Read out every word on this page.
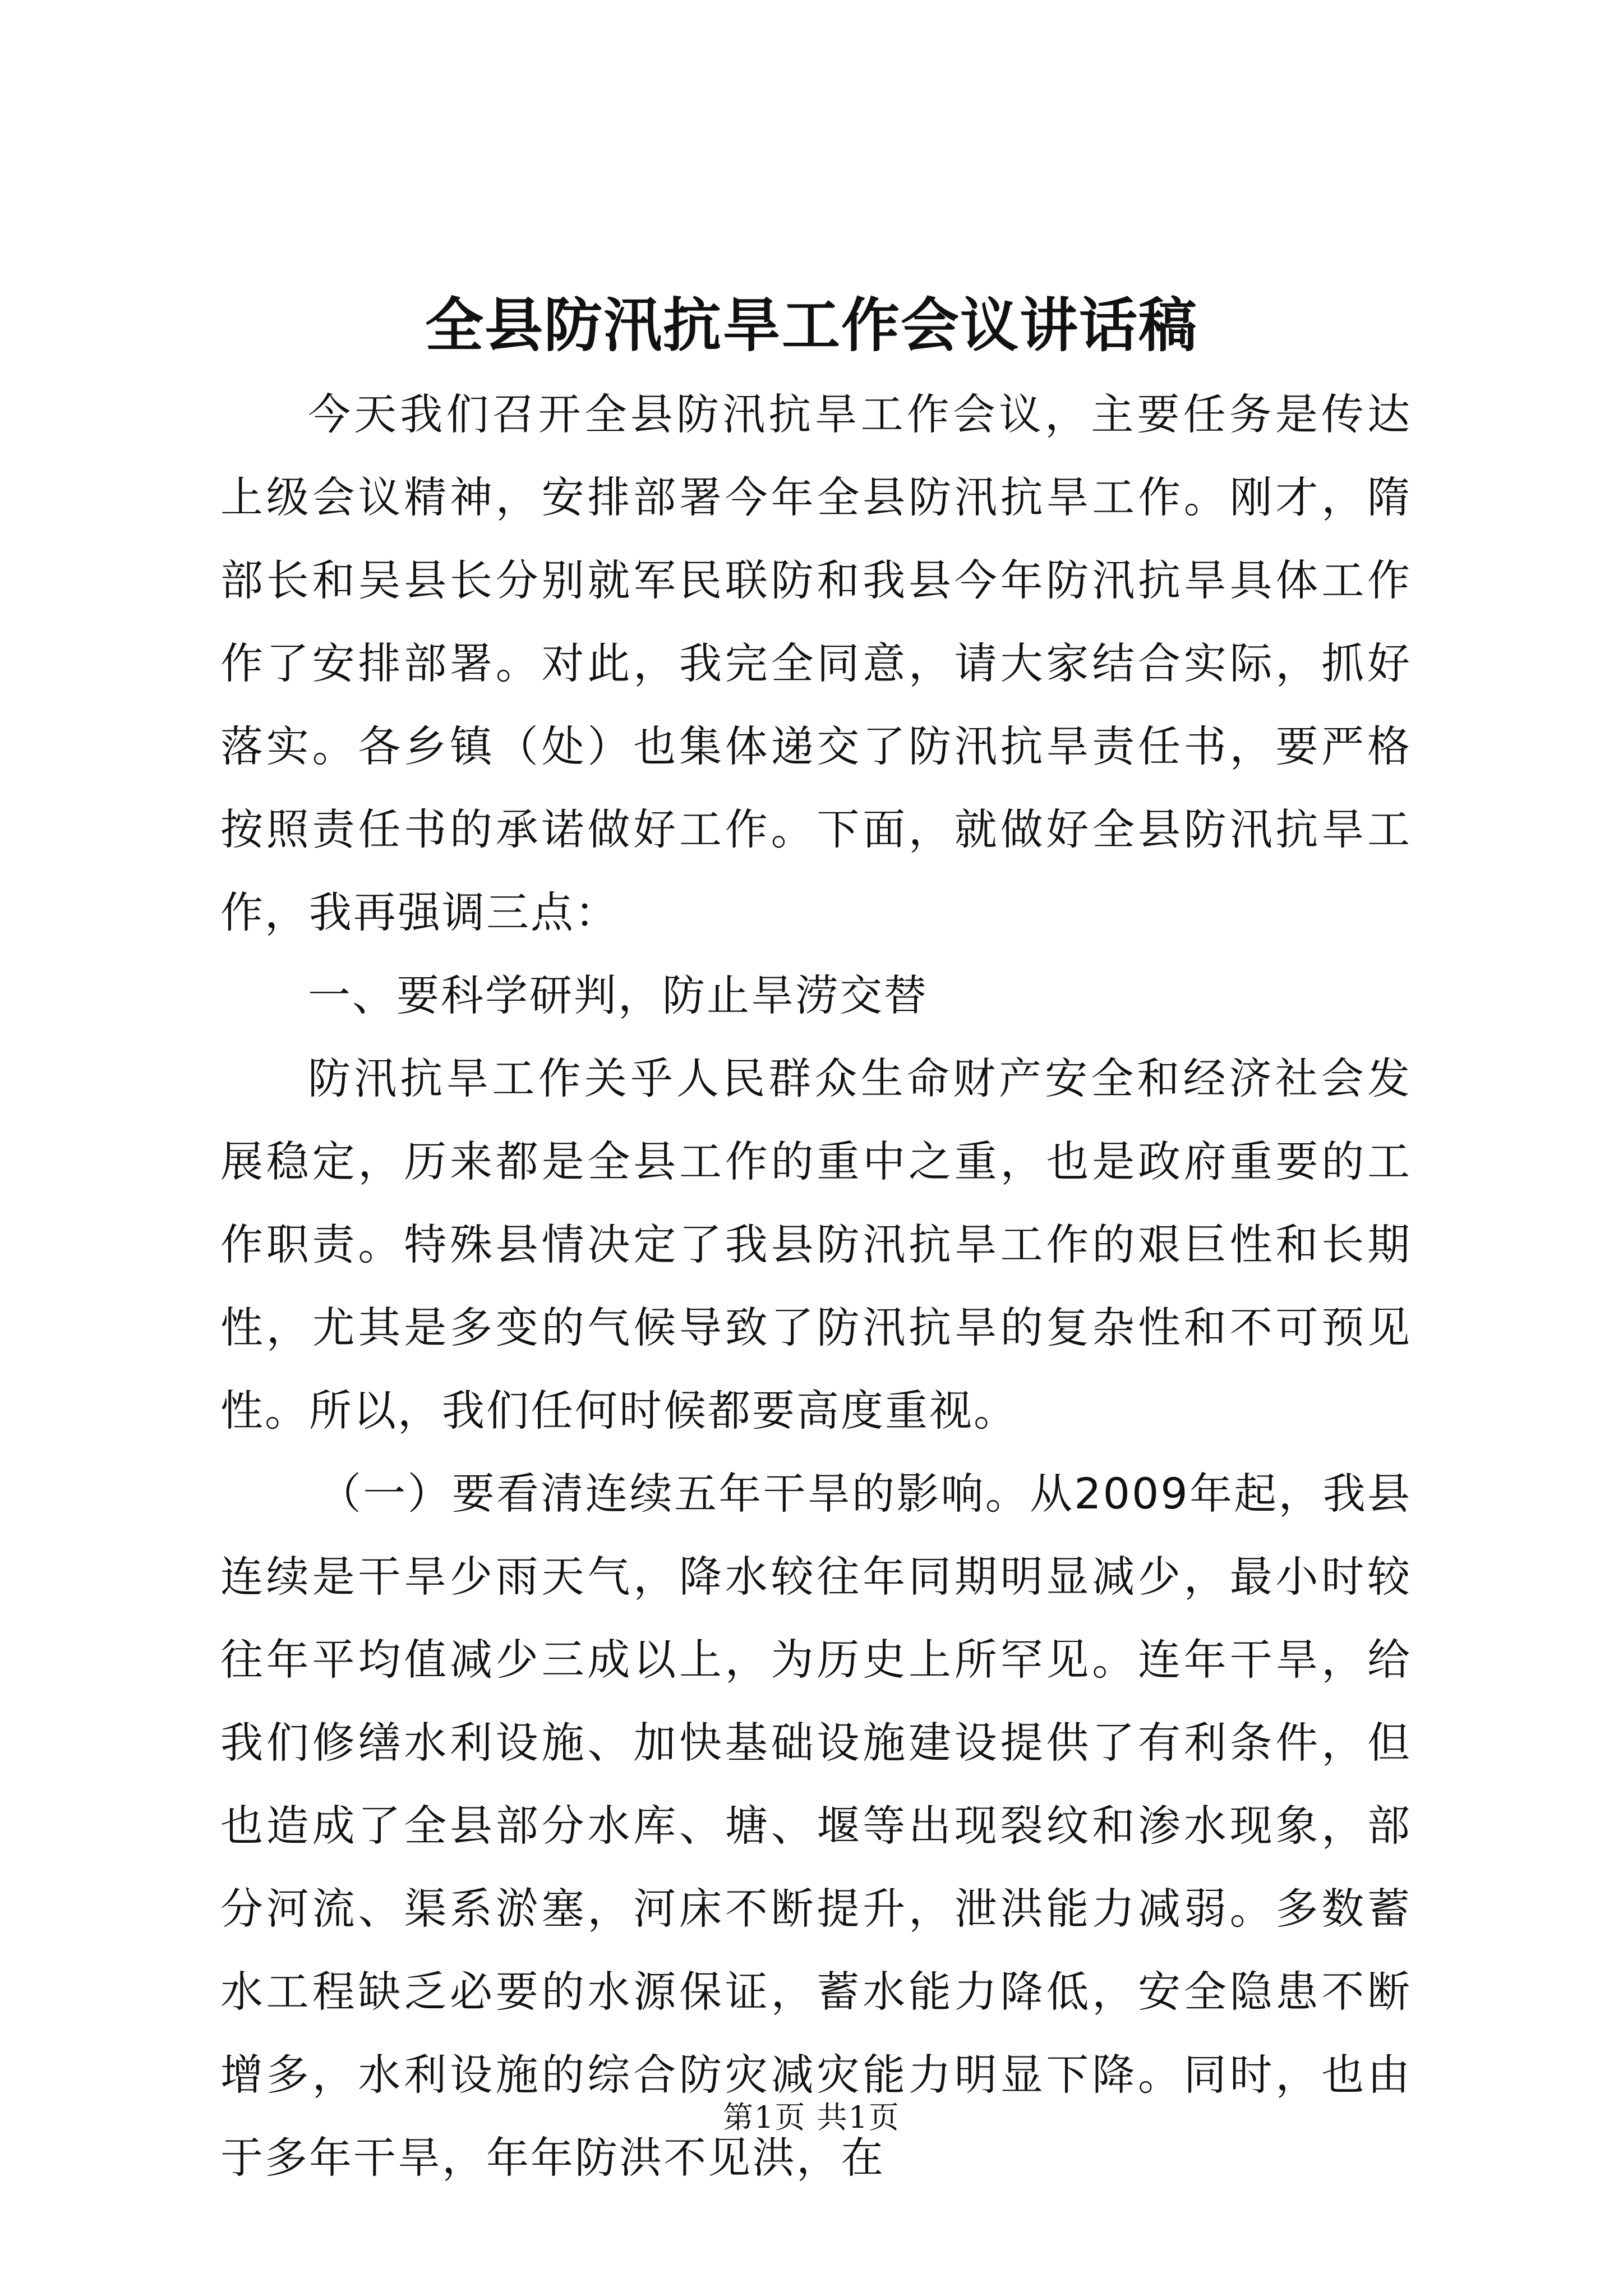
全县防汛抗旱工作会议讲话稿

今天我们召开全县防汛抗旱工作会议，主要任务是传达上级会议精神，安排部署今年全县防汛抗旱工作。刚才，隋部长和吴县长分别就军民联防和我县今年防汛抗旱具体工作作了安排部署。对此，我完全同意，请大家结合实际，抓好落实。各乡镇（处）也集体递交了防汛抗旱责任书，要严格按照责任书的承诺做好工作。下面，就做好全县防汛抗旱工作，我再强调三点：

一、要科学研判，防止旱涝交替

防汛抗旱工作关乎人民群众生命财产安全和经济社会发展稳定，历来都是全县工作的重中之重，也是政府重要的工作职责。特殊县情决定了我县防汛抗旱工作的艰巨性和长期性，尤其是多变的气候导致了防汛抗旱的复杂性和不可预见性。所以，我们任何时候都要高度重视。

（一）要看清连续五年干旱的影响。从2009年起，我县连续是干旱少雨天气，降水较往年同期明显减少，最小时较往年平均值减少三成以上，为历史上所罕见。连年干旱，给我们修缮水利设施、加快基础设施建设提供了有利条件，但也造成了全县部分水库、塘、堰等出现裂纹和渗水现象，部分河流、渠系淤塞，河床不断提升，泄洪能力减弱。多数蓄水工程缺乏必要的水源保证，蓄水能力降低，安全隐患不断增多，水利设施的综合防灾减灾能力明显下降。同时，也由于多年干旱，年年防洪不见洪，在

第1页 共1页
